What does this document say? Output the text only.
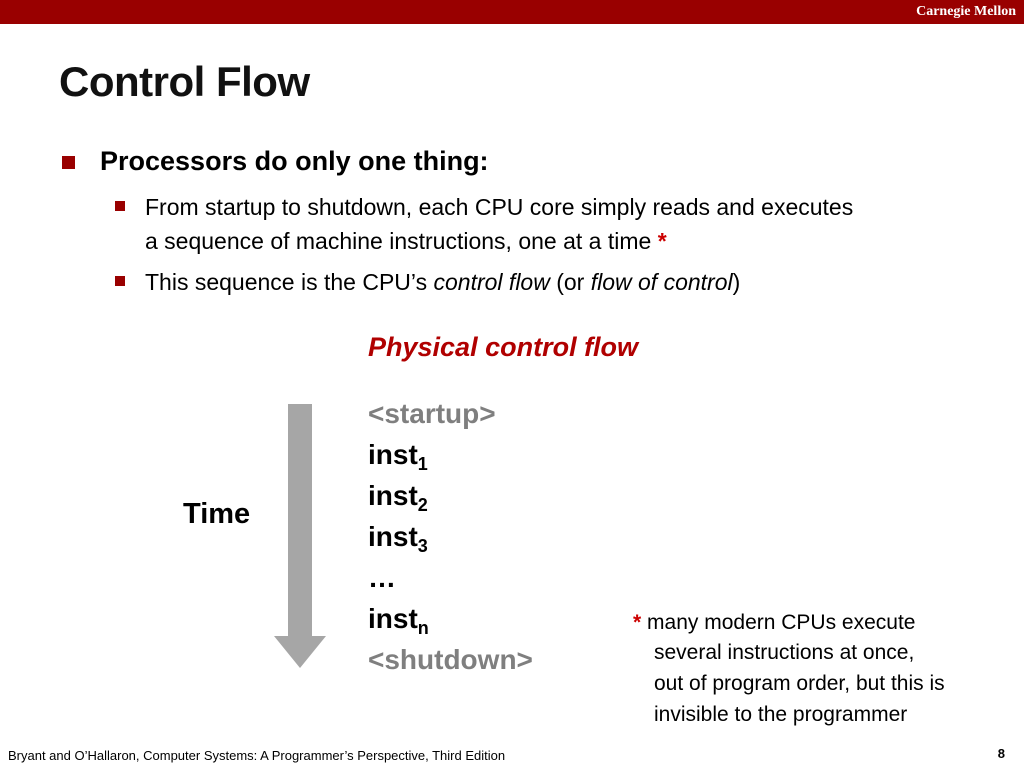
Carnegie Mellon
Control Flow
Processors do only one thing:
From startup to shutdown, each CPU core simply reads and executes
a sequence of machine instructions, one at a time *
This sequence is the CPU’s control flow (or flow of control)
Physical control flow
Time
<startup>
inst$_1$
inst$_2$
inst$_3$
…
inst$_n$
<shutdown>
* many modern CPUs execute
several instructions at once,
out of program order, but this is
invisible to the programmer
Bryant and O’Hallaron, Computer Systems: A Programmer’s Perspective, Third Edition	8
